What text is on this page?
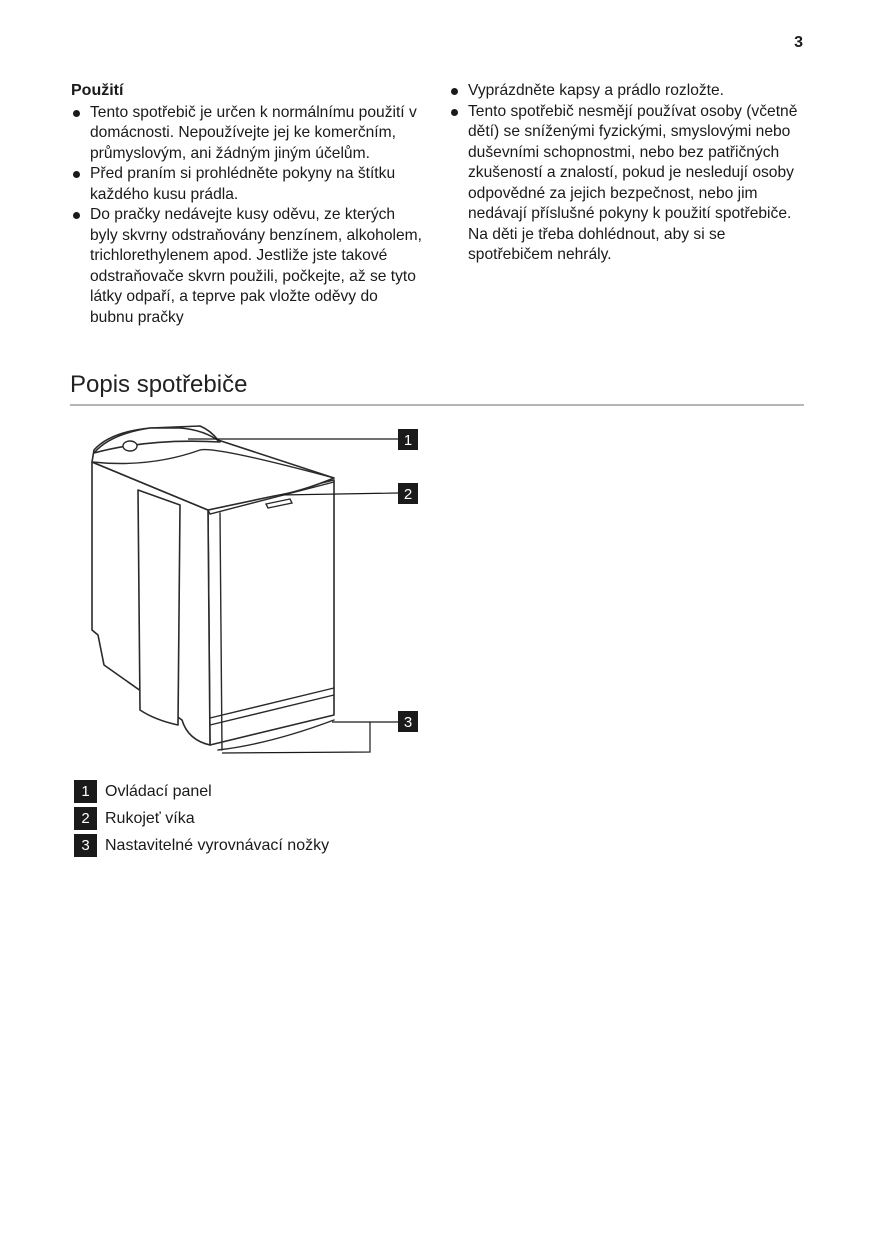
3
Použití
Tento spotřebič je určen k normálnímu použití v domácnosti. Nepoužívejte jej ke komerčním, průmyslovým, ani žádným jiným účelům.
Před praním si prohlédněte pokyny na štítku každého kusu prádla.
Do pračky nedávejte kusy oděvu, ze kterých byly skvrny odstraňovány benzínem, alkoholem, trichlorethylenem apod. Jestliže jste takové odstraňovače skvrn použili, počkejte, až se tyto látky odpaří, a teprve pak vložte oděvy do bubnu pračky
Vyprázdněte kapsy a prádlo rozložte.
Tento spotřebič nesmějí používat osoby (včetně dětí) se sníženými fyzickými, smyslovými nebo duševními schopnostmi, nebo bez patřičných zkušeností a znalostí, pokud je nesledují osoby odpovědné za jejich bezpečnost, nebo jim nedávají příslušné pokyny k použití spotřebiče.
Na děti je třeba dohlédnout, aby si se spotřebičem nehrály.
Popis spotřebiče
1
2
3
1 Ovládací panel
2 Rukojeť víka
3 Nastavitelné vyrovnávací nožky
